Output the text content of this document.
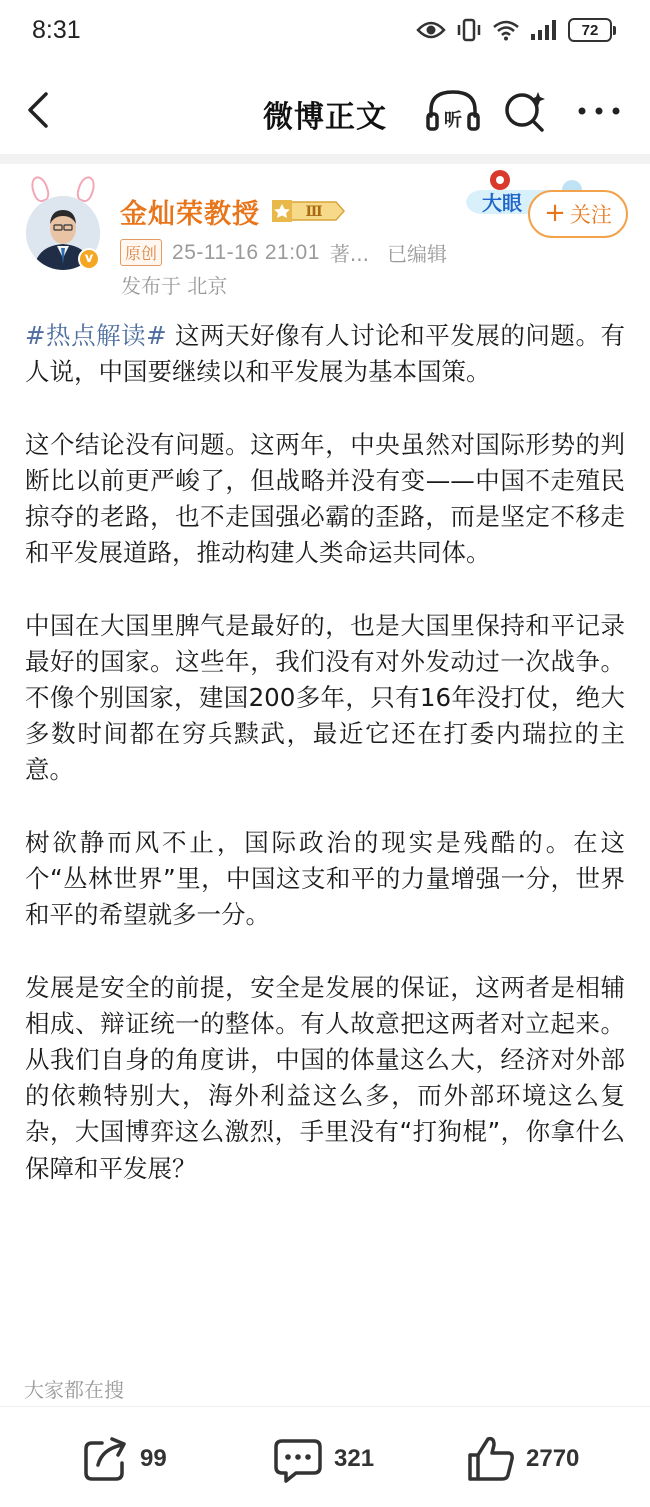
8:31	72
微博正文	听
v
金灿荣教授	Ⅲ	大眼 + 关注
原创 25-11-16 21:01 著... 已编辑
发布于 北京

#热点解读# 这两天好像有人讨论和平发展的问题。有人说，中国要继续以和平发展为基本国策。

这个结论没有问题。这两年，中央虽然对国际形势的判断比以前更严峻了，但战略并没有变——中国不走殖民掠夺的老路，也不走国强必霸的歪路，而是坚定不移走和平发展道路，推动构建人类命运共同体。

中国在大国里脾气是最好的，也是大国里保持和平记录最好的国家。这些年，我们没有对外发动过一次战争。不像个别国家，建国200多年，只有16年没打仗，绝大多数时间都在穷兵黩武，最近它还在打委内瑞拉的主意。

树欲静而风不止，国际政治的现实是残酷的。在这个“丛林世界”里，中国这支和平的力量增强一分，世界和平的希望就多一分。

发展是安全的前提，安全是发展的保证，这两者是相辅相成、辩证统一的整体。有人故意把这两者对立起来。从我们自身的角度讲，中国的体量这么大，经济对外部的依赖特别大，海外利益这么多，而外部环境这么复杂，大国博弈这么激烈，手里没有“打狗棍”，你拿什么保障和平发展？

大家都在搜
99	321	2770
